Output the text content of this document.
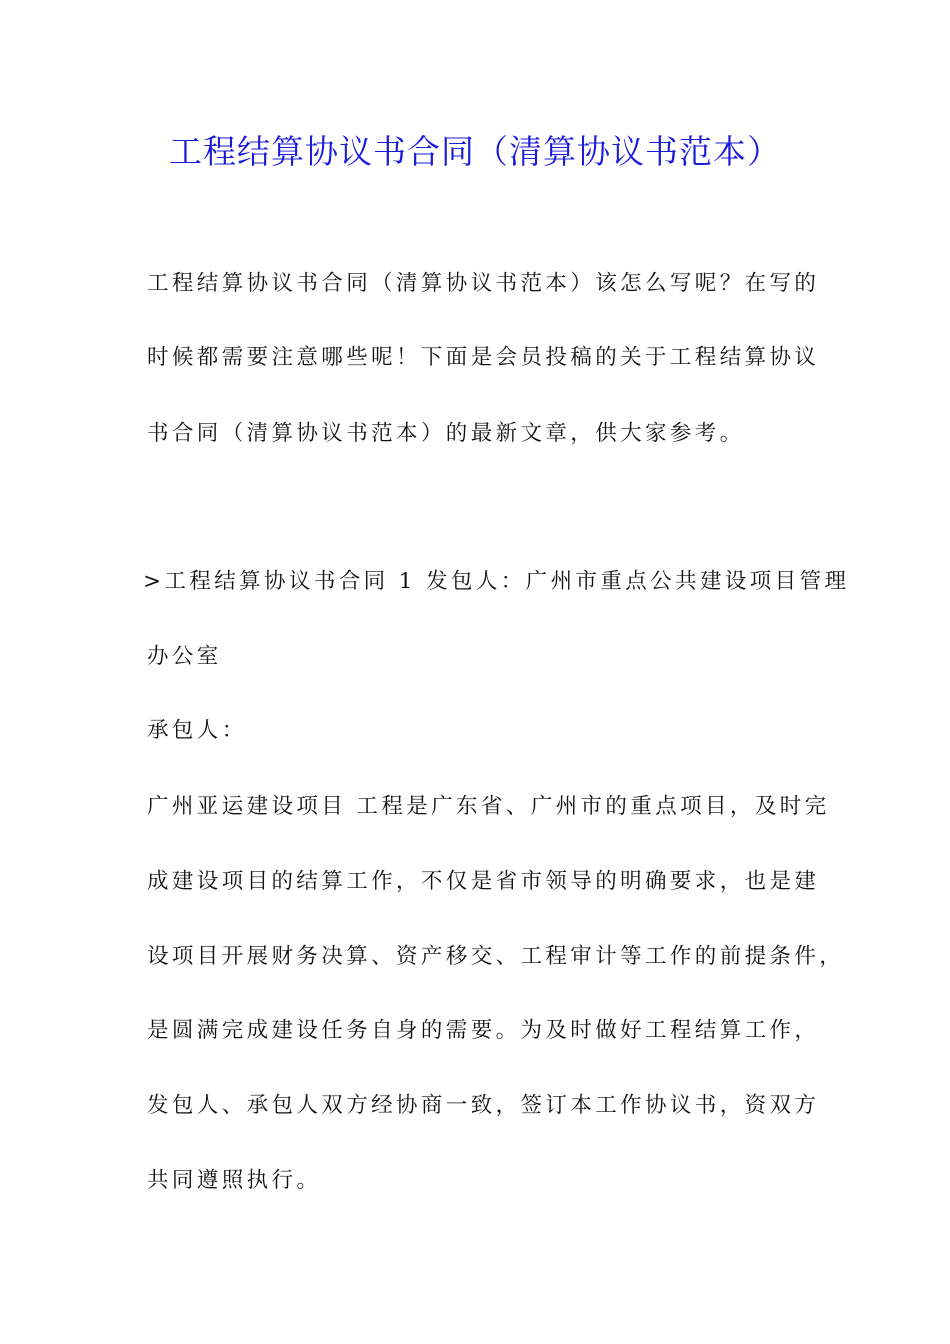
工程结算协议书合同（清算协议书范本）

工程结算协议书合同（清算协议书范本）该怎么写呢？在写的

时候都需要注意哪些呢！下面是会员投稿的关于工程结算协议

书合同（清算协议书范本）的最新文章，供大家参考。

>工程结算协议书合同 1 发包人：广州市重点公共建设项目管理

办公室

承包人：

广州亚运建设项目 工程是广东省、广州市的重点项目，及时完

成建设项目的结算工作，不仅是省市领导的明确要求，也是建

设项目开展财务决算、资产移交、工程审计等工作的前提条件，

是圆满完成建设任务自身的需要。为及时做好工程结算工作，

发包人、承包人双方经协商一致，签订本工作协议书，资双方

共同遵照执行。
